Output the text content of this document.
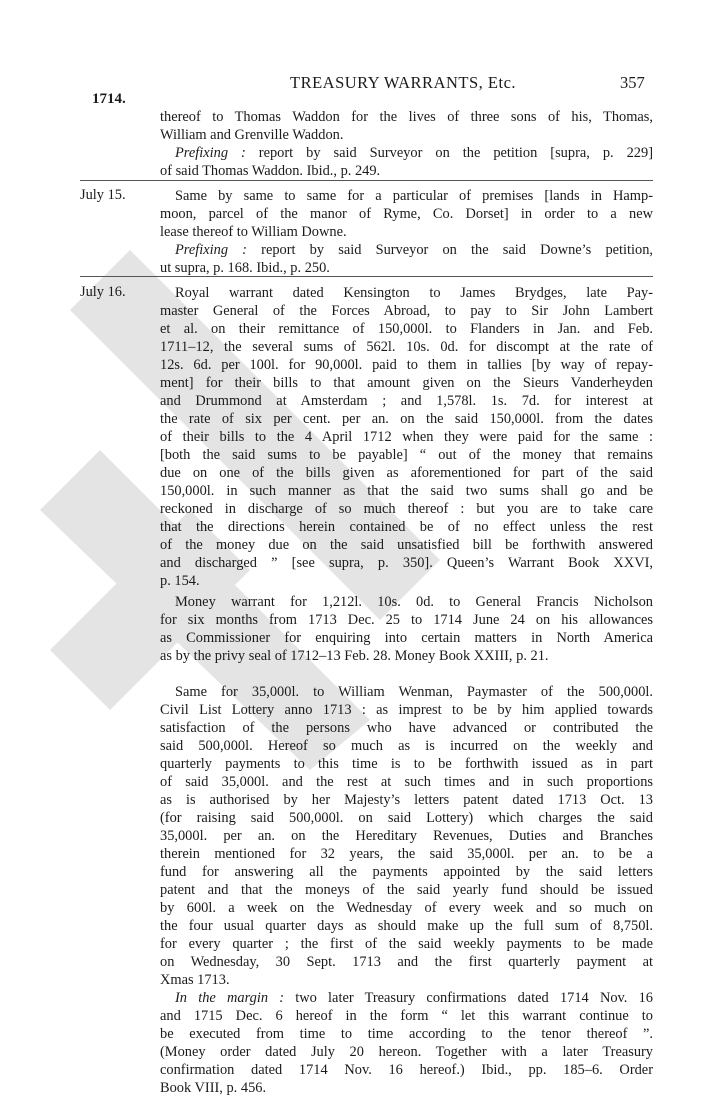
TREASURY WARRANTS, Etc.	357
1714.
thereof to Thomas Waddon for the lives of three sons of his, Thomas,
William and Grenville Waddon.
Prefixing : report by said Surveyor on the petition [supra, p. 229]
of said Thomas Waddon. Ibid., p. 249.
July 15.	Same by same to same for a particular of premises [lands in Hamp-
moon, parcel of the manor of Ryme, Co. Dorset] in order to a new
lease thereof to William Downe.
Prefixing : report by said Surveyor on the said Downe’s petition,
ut supra, p. 168. Ibid., p. 250.
July 16.	Royal warrant dated Kensington to James Brydges, late Pay-
master General of the Forces Abroad, to pay to Sir John Lambert
et al. on their remittance of 150,000l. to Flanders in Jan. and Feb.
1711–12, the several sums of 562l. 10s. 0d. for discompt at the rate of
12s. 6d. per 100l. for 90,000l. paid to them in tallies [by way of repay-
ment] for their bills to that amount given on the Sieurs Vanderheyden
and Drummond at Amsterdam ; and 1,578l. 1s. 7d. for interest at
the rate of six per cent. per an. on the said 150,000l. from the dates
of their bills to the 4 April 1712 when they were paid for the same :
[both the said sums to be payable] “ out of the money that remains
due on one of the bills given as aforementioned for part of the said
150,000l. in such manner as that the said two sums shall go and be
reckoned in discharge of so much thereof : but you are to take care
that the directions herein contained be of no effect unless the rest
of the money due on the said unsatisfied bill be forthwith answered
and discharged ” [see supra, p. 350]. Queen’s Warrant Book XXVI,
p. 154.
Money warrant for 1,212l. 10s. 0d. to General Francis Nicholson
for six months from 1713 Dec. 25 to 1714 June 24 on his allowances
as Commissioner for enquiring into certain matters in North America
as by the privy seal of 1712–13 Feb. 28. Money Book XXIII, p. 21.
Same for 35,000l. to William Wenman, Paymaster of the 500,000l.
Civil List Lottery anno 1713 : as imprest to be by him applied towards
satisfaction of the persons who have advanced or contributed the
said 500,000l. Hereof so much as is incurred on the weekly and
quarterly payments to this time is to be forthwith issued as in part
of said 35,000l. and the rest at such times and in such proportions
as is authorised by her Majesty’s letters patent dated 1713 Oct. 13
(for raising said 500,000l. on said Lottery) which charges the said
35,000l. per an. on the Hereditary Revenues, Duties and Branches
therein mentioned for 32 years, the said 35,000l. per an. to be a
fund for answering all the payments appointed by the said letters
patent and that the moneys of the said yearly fund should be issued
by 600l. a week on the Wednesday of every week and so much on
the four usual quarter days as should make up the full sum of 8,750l.
for every quarter ; the first of the said weekly payments to be made
on Wednesday, 30 Sept. 1713 and the first quarterly payment at
Xmas 1713.
In the margin : two later Treasury confirmations dated 1714 Nov. 16
and 1715 Dec. 6 hereof in the form “ let this warrant continue to
be executed from time to time according to the tenor thereof ”.
(Money order dated July 20 hereon. Together with a later Treasury
confirmation dated 1714 Nov. 16 hereof.) Ibid., pp. 185–6. Order
Book VIII, p. 456.
